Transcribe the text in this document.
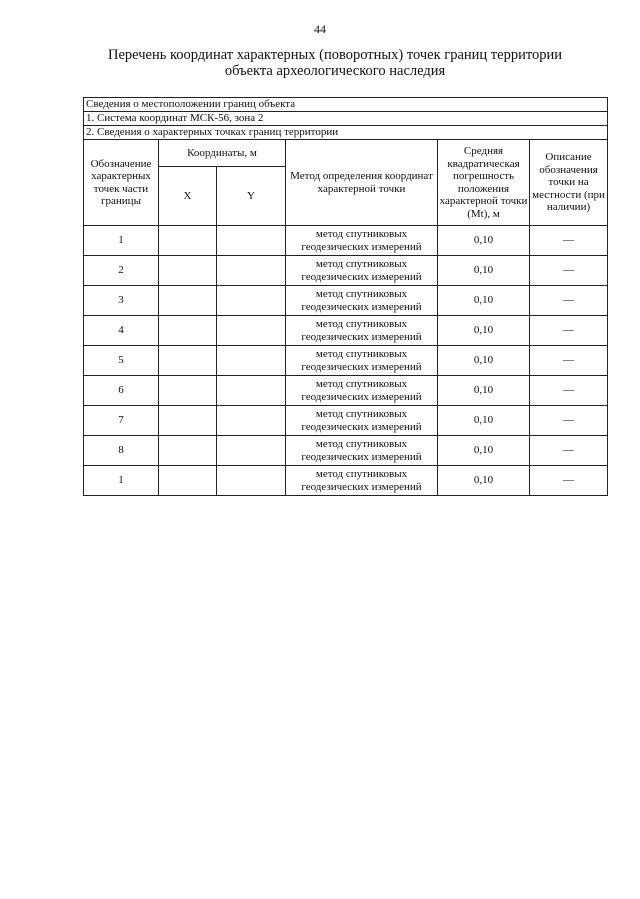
44
Перечень координат характерных (поворотных) точек границ территории
объекта археологического наследия
Сведения о местоположении границ объекта					
1. Система координат МСК-56, зона 2					
2. Сведения о характерных точках границ территории					
Обозначение характерных точек части границы	Координаты, м		Метод определения координат характерной точки	Средняя квадратическая погрешность положения характерной точки (Mt), м	Описание обозначения точки на местности (при наличии)
	X	Y			
1			метод спутниковых геодезических измерений	0,10	—
2			метод спутниковых геодезических измерений	0,10	—
3			метод спутниковых геодезических измерений	0,10	—
4			метод спутниковых геодезических измерений	0,10	—
5			метод спутниковых геодезических измерений	0,10	—
6			метод спутниковых геодезических измерений	0,10	—
7			метод спутниковых геодезических измерений	0,10	—
8			метод спутниковых геодезических измерений	0,10	—
1			метод спутниковых геодезических измерений	0,10	—
